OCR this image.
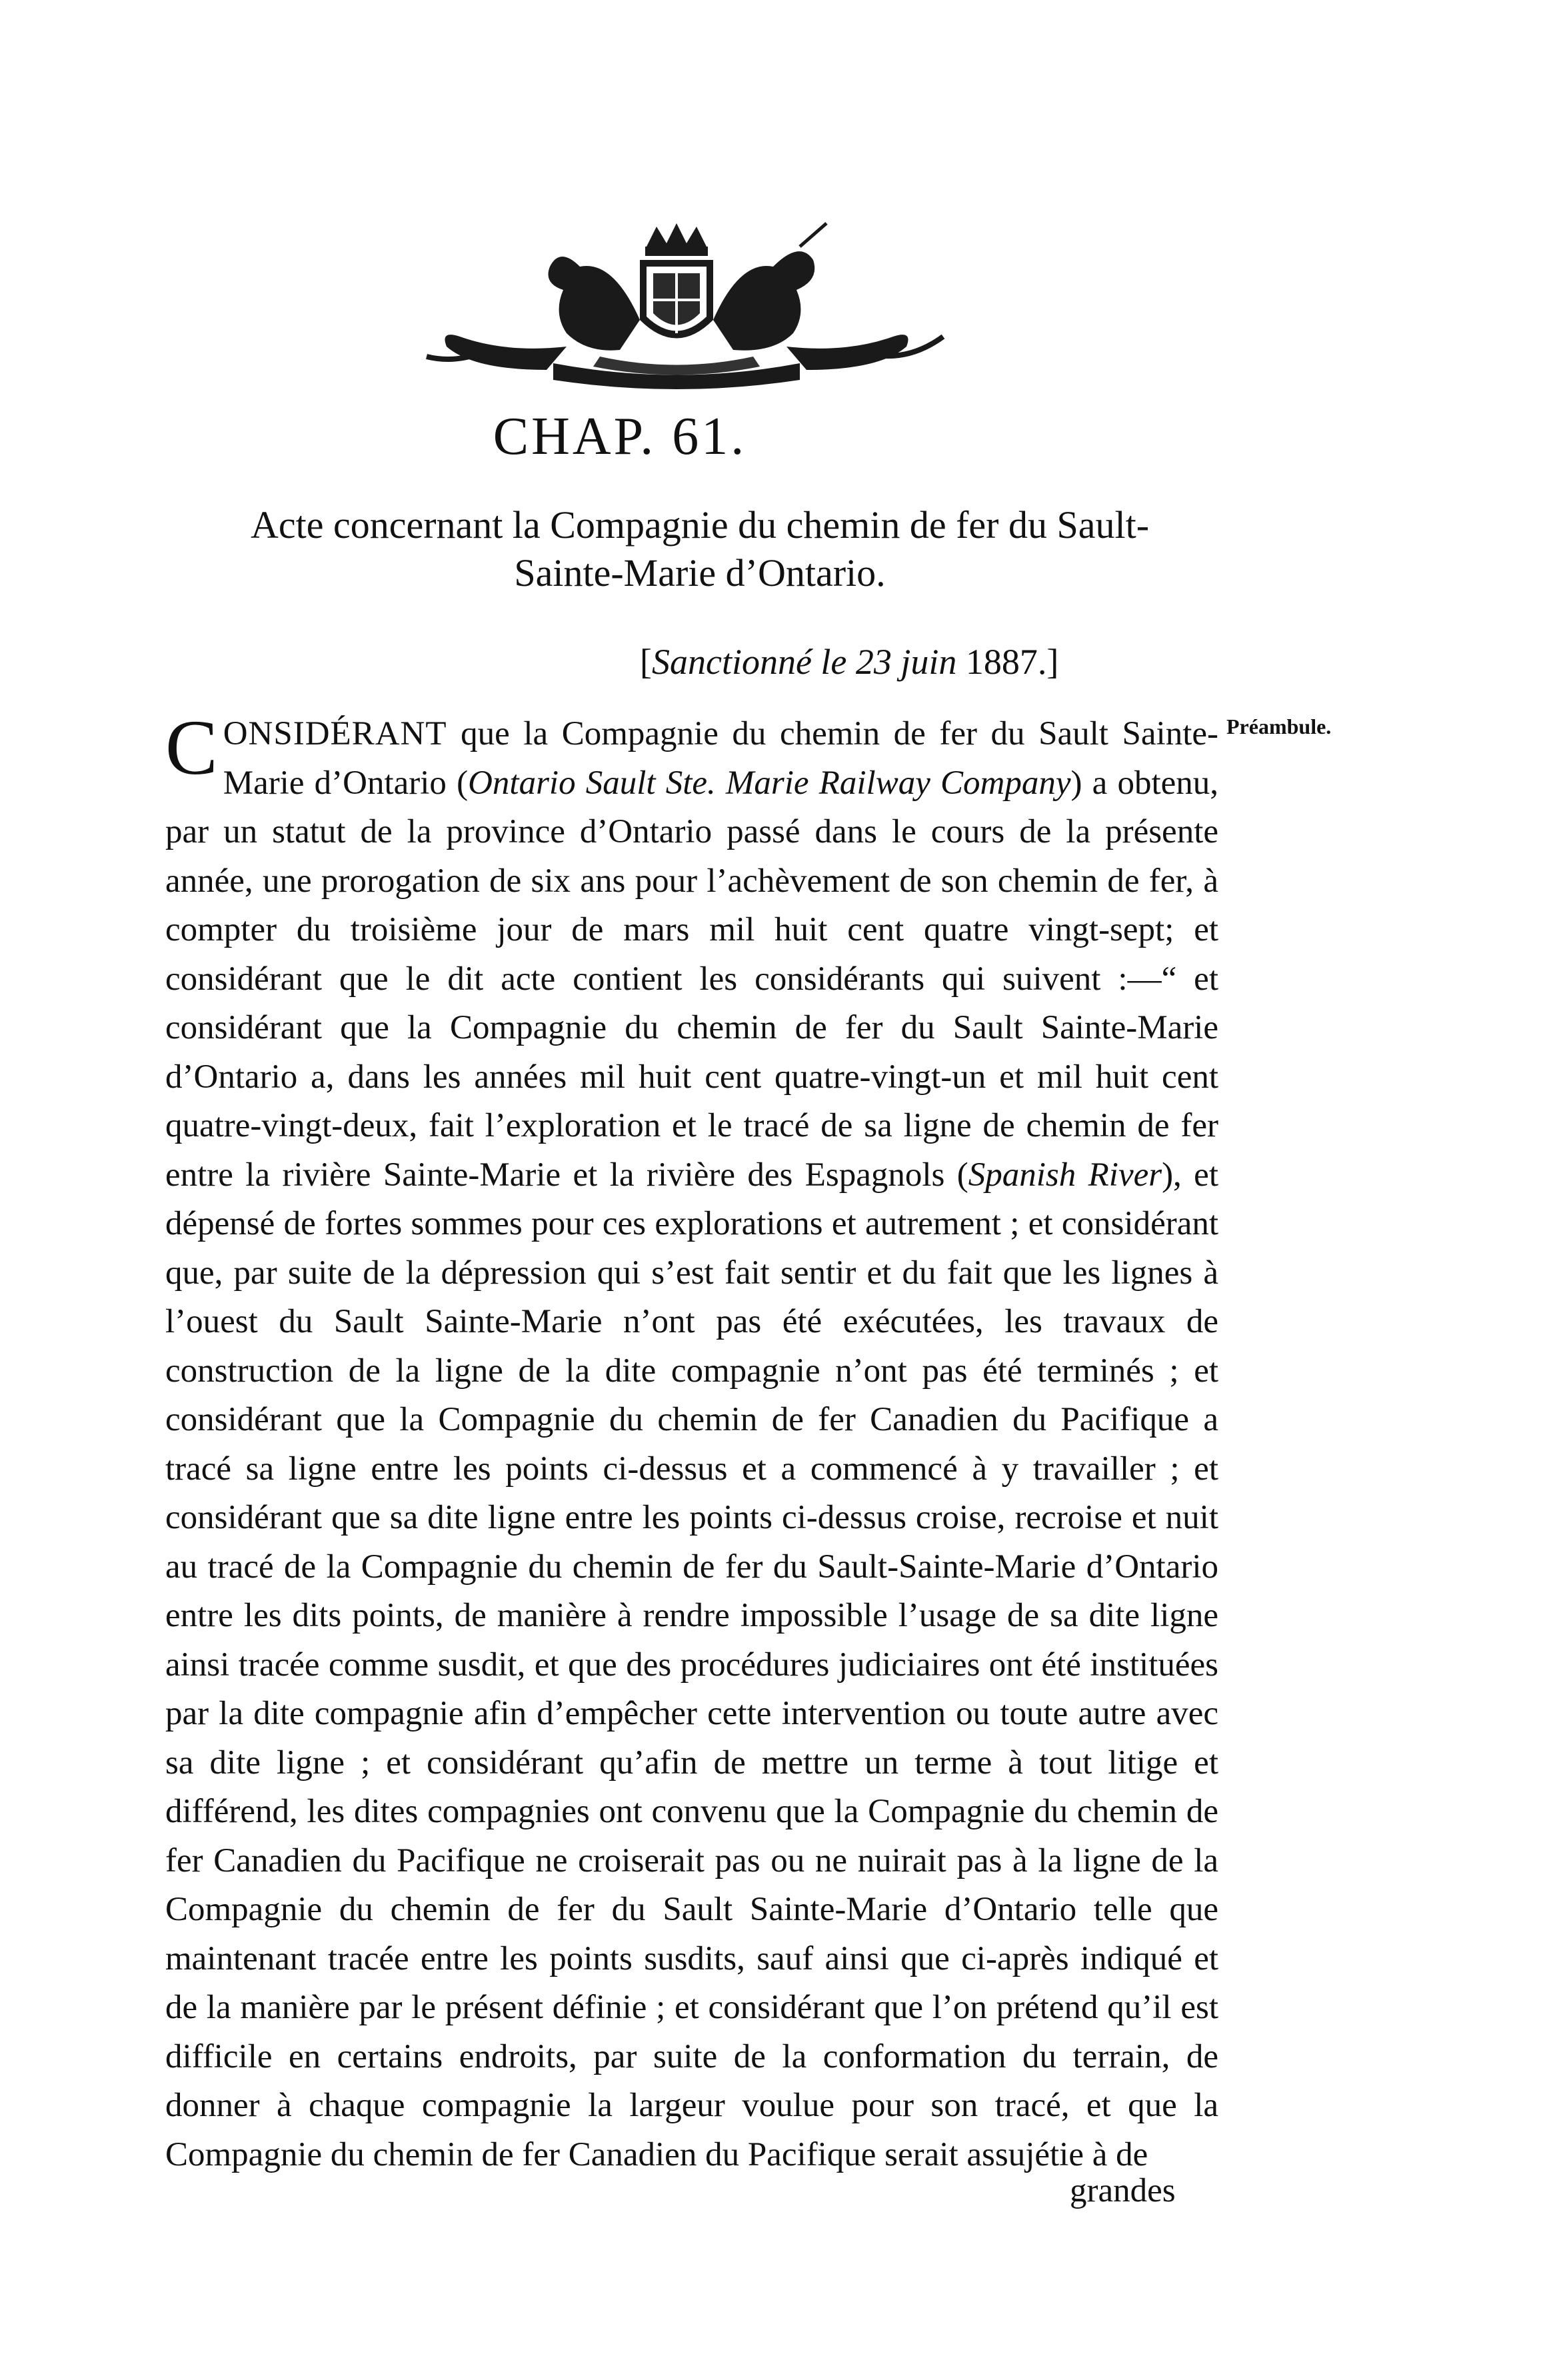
CHAP. 61.
Acte concernant la Compagnie du chemin de fer du Sault-
Sainte-Marie d’Ontario.
[Sanctionné le 23 juin 1887.]
Préambule.

CONSIDÉRANT que la Compagnie du chemin de fer du Sault Sainte-Marie d’Ontario (Ontario Sault Ste. Marie Railway Company) a obtenu, par un statut de la province d’Ontario passé dans le cours de la présente année, une prorogation de six ans pour l’achèvement de son chemin de fer, à compter du troisième jour de mars mil huit cent quatre vingt-sept; et considérant que le dit acte contient les considérants qui suivent :—“ et considérant que la Compagnie du chemin de fer du Sault Sainte-Marie d’Ontario a, dans les années mil huit cent quatre-vingt-un et mil huit cent quatre-vingt-deux, fait l’exploration et le tracé de sa ligne de chemin de fer entre la rivière Sainte-Marie et la rivière des Espagnols (Spanish River), et dépensé de fortes sommes pour ces explorations et autrement ; et considérant que, par suite de la dépression qui s’est fait sentir et du fait que les lignes à l’ouest du Sault Sainte-Marie n’ont pas été exécutées, les travaux de construction de la ligne de la dite compagnie n’ont pas été terminés ; et considérant que la Compagnie du chemin de fer Canadien du Pacifique a tracé sa ligne entre les points ci-dessus et a commencé à y travailler ; et considérant que sa dite ligne entre les points ci-dessus croise, recroise et nuit au tracé de la Compagnie du chemin de fer du Sault-Sainte-Marie d’Ontario entre les dits points, de manière à rendre impossible l’usage de sa dite ligne ainsi tracée comme susdit, et que des procédures judiciaires ont été instituées par la dite compagnie afin d’empêcher cette intervention ou toute autre avec sa dite ligne ; et considérant qu’afin de mettre un terme à tout litige et différend, les dites compagnies ont convenu que la Compagnie du chemin de fer Canadien du Pacifique ne croiserait pas ou ne nuirait pas à la ligne de la Compagnie du chemin de fer du Sault Sainte-Marie d’Ontario telle que maintenant tracée entre les points susdits, sauf ainsi que ci-après indiqué et de la manière par le présent définie ; et considérant que l’on prétend qu’il est difficile en certains endroits, par suite de la conformation du terrain, de donner à chaque compagnie la largeur voulue pour son tracé, et que la Compagnie du chemin de fer Canadien du Pacifique serait assujétie à de

grandes
